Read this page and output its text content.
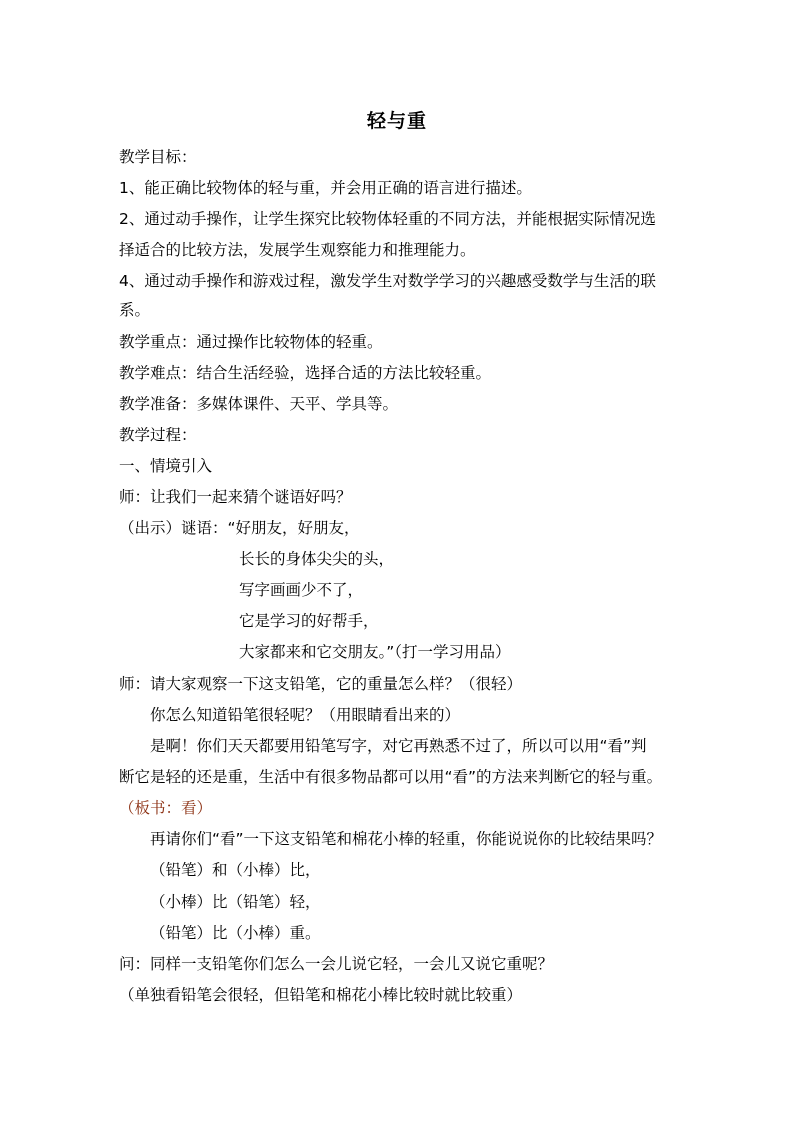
轻与重
教学目标：
1、能正确比较物体的轻与重，并会用正确的语言进行描述。
2、通过动手操作，让学生探究比较物体轻重的不同方法，并能根据实际情况选
择适合的比较方法，发展学生观察能力和推理能力。
4、通过动手操作和游戏过程，激发学生对数学学习的兴趣感受数学与生活的联
系。
教学重点：通过操作比较物体的轻重。
教学难点：结合生活经验，选择合适的方法比较轻重。
教学准备：多媒体课件、天平、学具等。
教学过程：
一、情境引入
师：让我们一起来猜个谜语好吗？
（出示）谜语：“好朋友，好朋友，
长长的身体尖尖的头，
写字画画少不了，
它是学习的好帮手，
大家都来和它交朋友。”（打一学习用品）
师：请大家观察一下这支铅笔，它的重量怎么样？（很轻）
你怎么知道铅笔很轻呢？（用眼睛看出来的）
是啊！你们天天都要用铅笔写字，对它再熟悉不过了，所以可以用“看”判
断它是轻的还是重，生活中有很多物品都可以用“看”的方法来判断它的轻与重。
（板书：看）
再请你们“看”一下这支铅笔和棉花小棒的轻重，你能说说你的比较结果吗？
（铅笔）和（小棒）比，
（小棒）比（铅笔）轻，
（铅笔）比（小棒）重。
问：同样一支铅笔你们怎么一会儿说它轻，一会儿又说它重呢？
（单独看铅笔会很轻，但铅笔和棉花小棒比较时就比较重）
